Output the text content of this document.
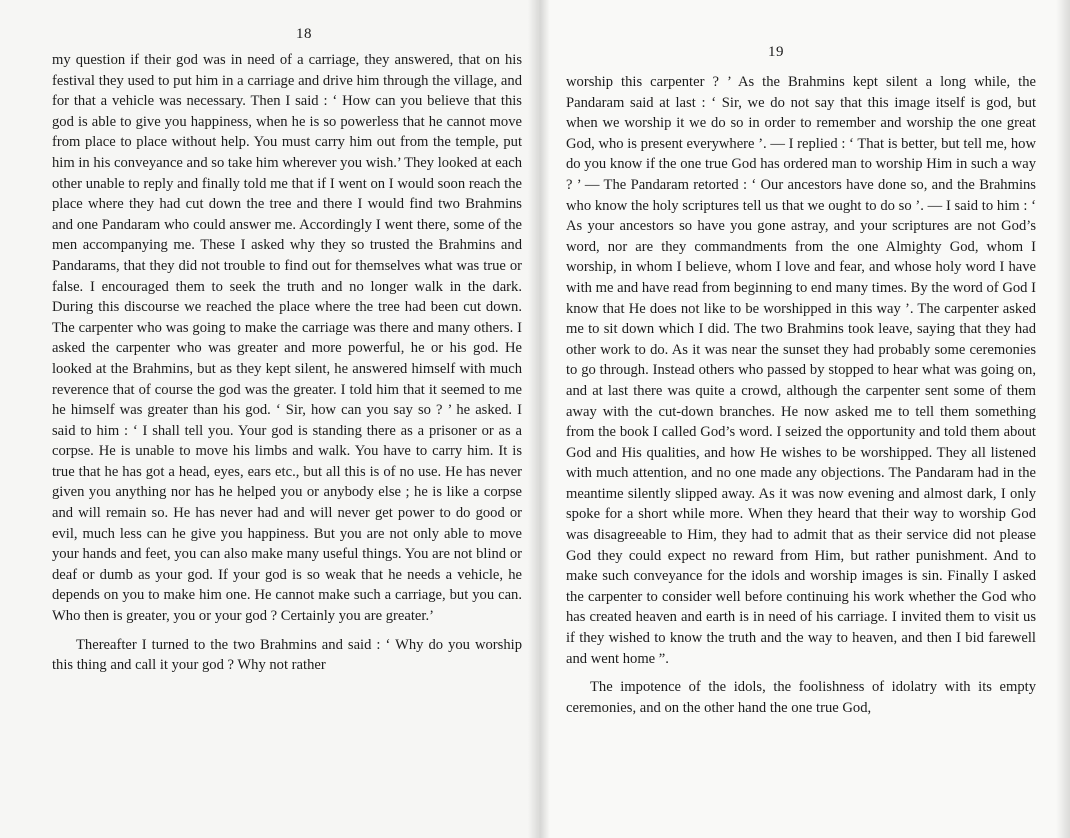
18

my question if their god was in need of a carriage, they answered, that on his festival they used to put him in a carriage and drive him through the village, and for that a vehicle was necessary. Then I said : ‘ How can you believe that this god is able to give you happiness, when he is so powerless that he cannot move from place to place without help. You must carry him out from the temple, put him in his conveyance and so take him wherever you wish.’ They looked at each other unable to reply and finally told me that if I went on I would soon reach the place where they had cut down the tree and there I would find two Brahmins and one Pandaram who could answer me. Accordingly I went there, some of the men accompanying me. These I asked why they so trusted the Brahmins and Pandarams, that they did not trouble to find out for themselves what was true or false. I encouraged them to seek the truth and no longer walk in the dark. During this discourse we reached the place where the tree had been cut down. The carpenter who was going to make the carriage was there and many others. I asked the carpenter who was greater and more powerful, he or his god. He looked at the Brahmins, but as they kept silent, he answered himself with much reverence that of course the god was the greater. I told him that it seemed to me he himself was greater than his god. ‘ Sir, how can you say so ? ’ he asked. I said to him : ‘ I shall tell you. Your god is standing there as a prisoner or as a corpse. He is unable to move his limbs and walk. You have to carry him. It is true that he has got a head, eyes, ears etc., but all this is of no use. He has never given you anything nor has he helped you or anybody else ; he is like a corpse and will remain so. He has never had and will never get power to do good or evil, much less can he give you happiness. But you are not only able to move your hands and feet, you can also make many useful things. You are not blind or deaf or dumb as your god. If your god is so weak that he needs a vehicle, he depends on you to make him one. He cannot make such a carriage, but you can. Who then is greater, you or your god ? Certainly you are greater.’

Thereafter I turned to the two Brahmins and said : ‘ Why do you worship this thing and call it your god ? Why not rather

19

worship this carpenter ? ’ As the Brahmins kept silent a long while, the Pandaram said at last : ‘ Sir, we do not say that this image itself is god, but when we worship it we do so in order to remember and worship the one great God, who is present everywhere ’. — I replied : ‘ That is better, but tell me, how do you know if the one true God has ordered man to worship Him in such a way ? ’ — The Pandaram retorted : ‘ Our ancestors have done so, and the Brahmins who know the holy scriptures tell us that we ought to do so ’. — I said to him : ‘ As your ancestors so have you gone astray, and your scriptures are not God’s word, nor are they commandments from the one Almighty God, whom I worship, in whom I believe, whom I love and fear, and whose holy word I have with me and have read from beginning to end many times. By the word of God I know that He does not like to be worshipped in this way ’. The carpenter asked me to sit down which I did. The two Brahmins took leave, saying that they had other work to do. As it was near the sunset they had probably some ceremonies to go through. Instead others who passed by stopped to hear what was going on, and at last there was quite a crowd, although the carpenter sent some of them away with the cut-down branches. He now asked me to tell them something from the book I called God’s word. I seized the opportunity and told them about God and His qualities, and how He wishes to be worshipped. They all listened with much attention, and no one made any objections. The Pandaram had in the meantime silently slipped away. As it was now evening and almost dark, I only spoke for a short while more. When they heard that their way to worship God was disagreeable to Him, they had to admit that as their service did not please God they could expect no reward from Him, but rather punishment. And to make such conveyance for the idols and worship images is sin. Finally I asked the carpenter to consider well before continuing his work whether the God who has created heaven and earth is in need of his carriage. I invited them to visit us if they wished to know the truth and the way to heaven, and then I bid farewell and went home ”.

The impotence of the idols, the foolishness of idolatry with its empty ceremonies, and on the other hand the one true God,
